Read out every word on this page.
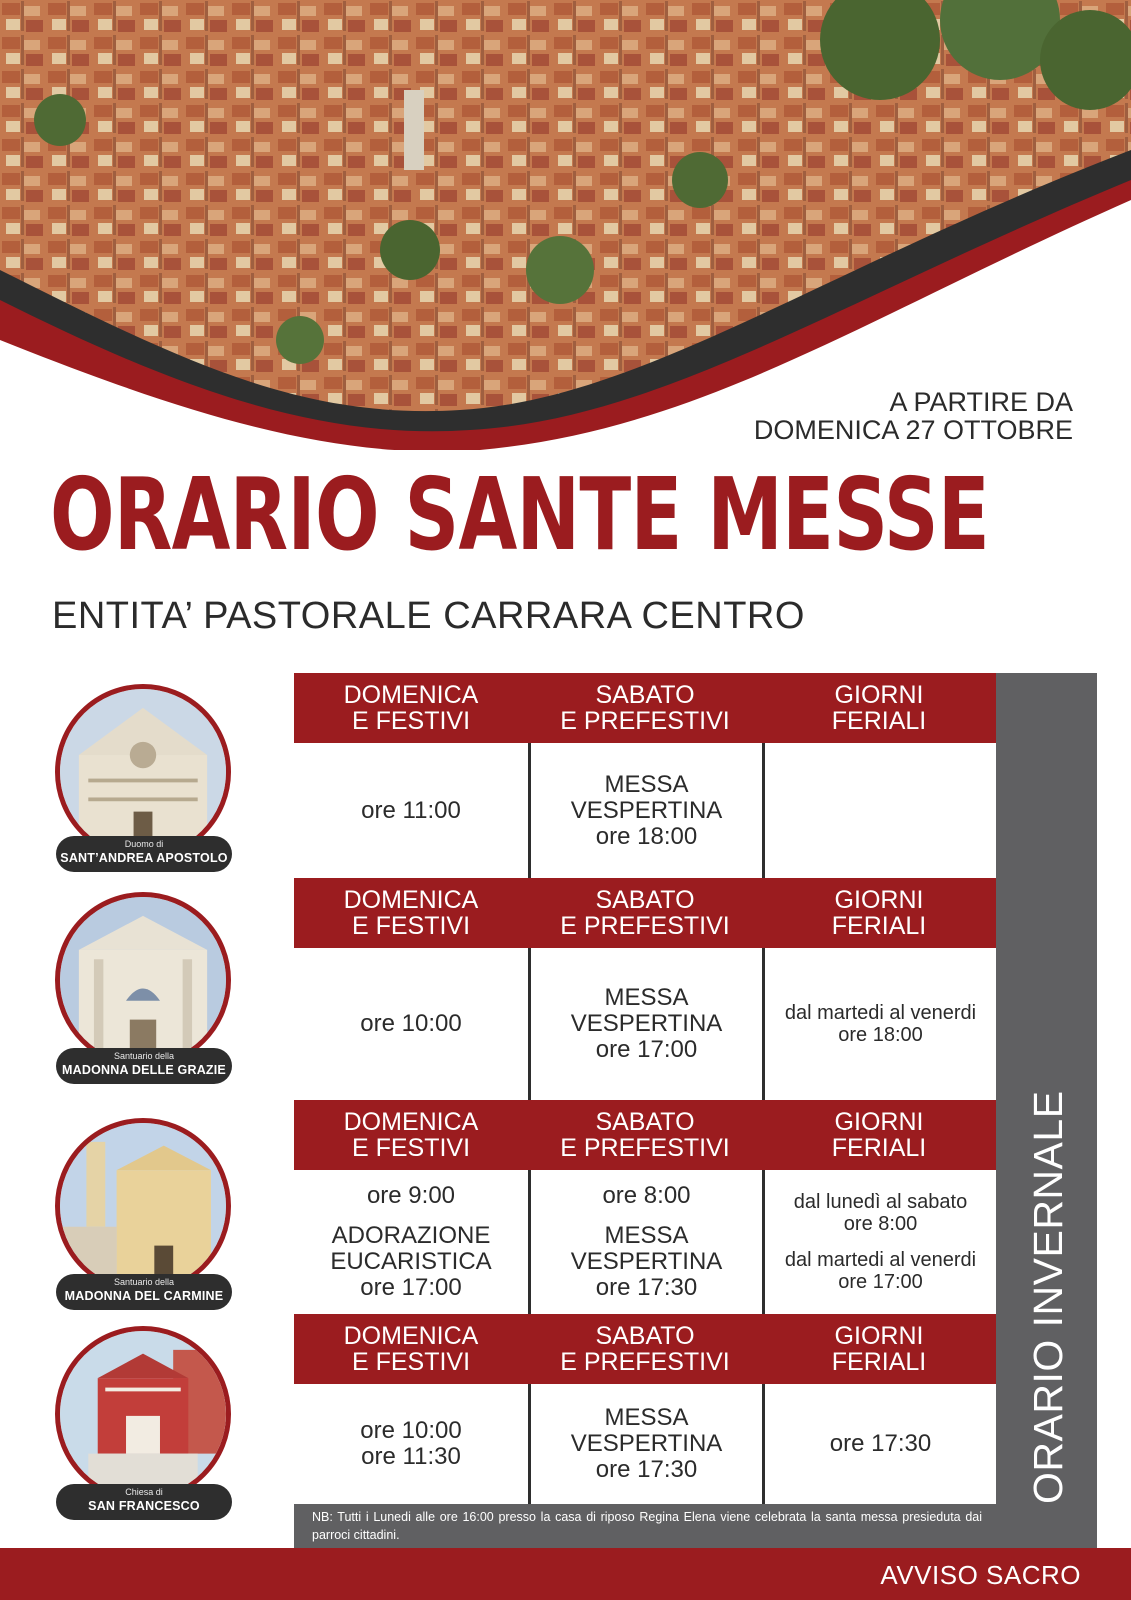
A PARTIRE DA
DOMENICA 27 OTTOBRE
ORARIO SANTE MESSE
ENTITA’ PASTORALE CARRARA CENTRO
Duomo di
SANT’ANDREA APOSTOLO
Santuario della
MADONNA DELLE GRAZIE
Santuario della
MADONNA DEL CARMINE
Chiesa di
SAN FRANCESCO
ORARIO INVERNALE
DOMENICA
E FESTIVI
SABATO
E PREFESTIVI
GIORNI
FERIALI
ore 11:00
MESSA
VESPERTINA
ore 18:00
DOMENICA
E FESTIVI
SABATO
E PREFESTIVI
GIORNI
FERIALI
ore 10:00
MESSA
VESPERTINA
ore 17:00
dal martedi al venerdi
ore 18:00
DOMENICA
E FESTIVI
SABATO
E PREFESTIVI
GIORNI
FERIALI
ore 9:00
ADORAZIONE
EUCARISTICA
ore 17:00
ore 8:00
MESSA
VESPERTINA
ore 17:30
dal lunedì al sabato
ore 8:00
dal martedi al venerdi
ore 17:00
DOMENICA
E FESTIVI
SABATO
E PREFESTIVI
GIORNI
FERIALI
ore 10:00
ore 11:30
MESSA
VESPERTINA
ore 17:30
ore 17:30
NB: Tutti i Lunedi alle ore 16:00 presso la casa di riposo Regina Elena viene celebrata la santa messa presieduta dai parroci cittadini.
AVVISO SACRO
